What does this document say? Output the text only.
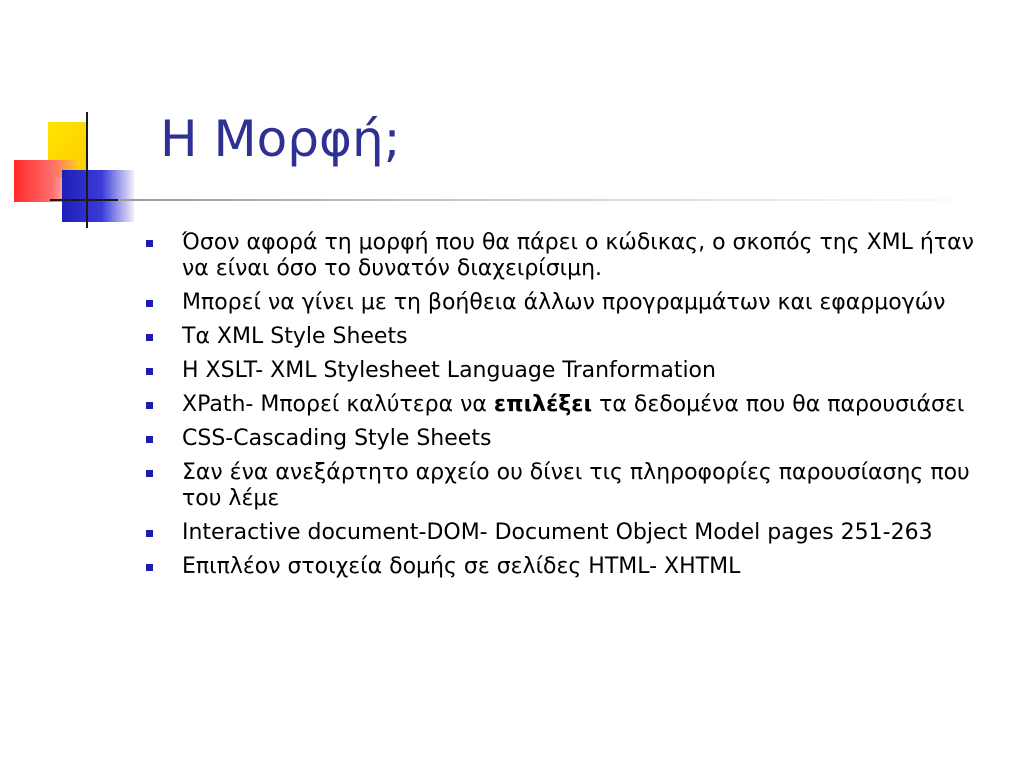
Η Μορφή;
Όσον αφορά τη μορφή που θα πάρει ο κώδικας, ο σκοπός της XML ήταν να είναι όσο το δυνατόν διαχειρίσιμη.
Μπορεί να γίνει με τη βοήθεια άλλων προγραμμάτων και εφαρμογών
Τα XML Style Sheets
H XSLT- XML Stylesheet Language Tranformation
XPath- Μπορεί καλύτερα να επιλέξει τα δεδομένα που θα παρουσιάσει
CSS-Cascading Style Sheets
Σαν ένα ανεξάρτητο αρχείο ου δίνει τις πληροφορίες παρουσίασης που του λέμε
Interactive document-DOM- Document Object Model pages 251-263
Επιπλέον στοιχεία δομής σε σελίδες HTML- XHTML
